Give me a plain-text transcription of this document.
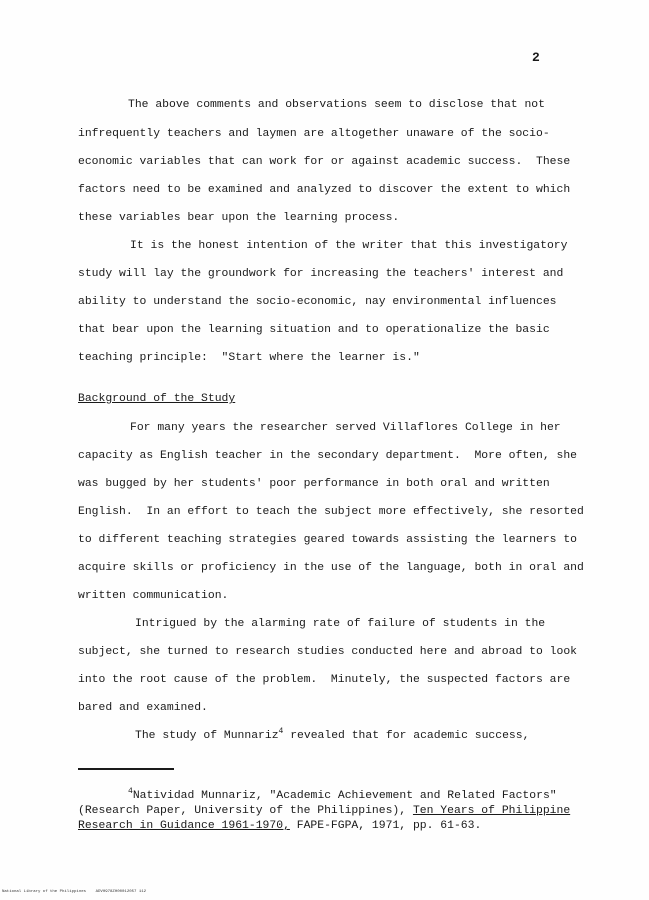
2
The above comments and observations seem to disclose that not
infrequently teachers and laymen are altogether unaware of the socio-
economic variables that can work for or against academic success.  These
factors need to be examined and analyzed to discover the extent to which
these variables bear upon the learning process.
It is the honest intention of the writer that this investigatory
study will lay the groundwork for increasing the teachers' interest and
ability to understand the socio-economic, nay environmental influences
that bear upon the learning situation and to operationalize the basic
teaching principle:  "Start where the learner is."
Background of the Study
For many years the researcher served Villaflores College in her
capacity as English teacher in the secondary department.  More often, she
was bugged by her students' poor performance in both oral and written
English.  In an effort to teach the subject more effectively, she resorted
to different teaching strategies geared towards assisting the learners to
acquire skills or proficiency in the use of the language, both in oral and
written communication.
Intrigued by the alarming rate of failure of students in the
subject, she turned to research studies conducted here and abroad to look
into the root cause of the problem.  Minutely, the suspected factors are
bared and examined.
The study of Munnariz$^4$ revealed that for academic success,
$^4$Natividad Munnariz, "Academic Achievement and Related Factors"
(Research Paper, University of the Philippines), Ten Years of Philippine
Research in Guidance 1961-1970, FAPE-FGPA, 1971, pp. 61-63.
National Library of the Philippines    ADV0978ZH00012057 112
